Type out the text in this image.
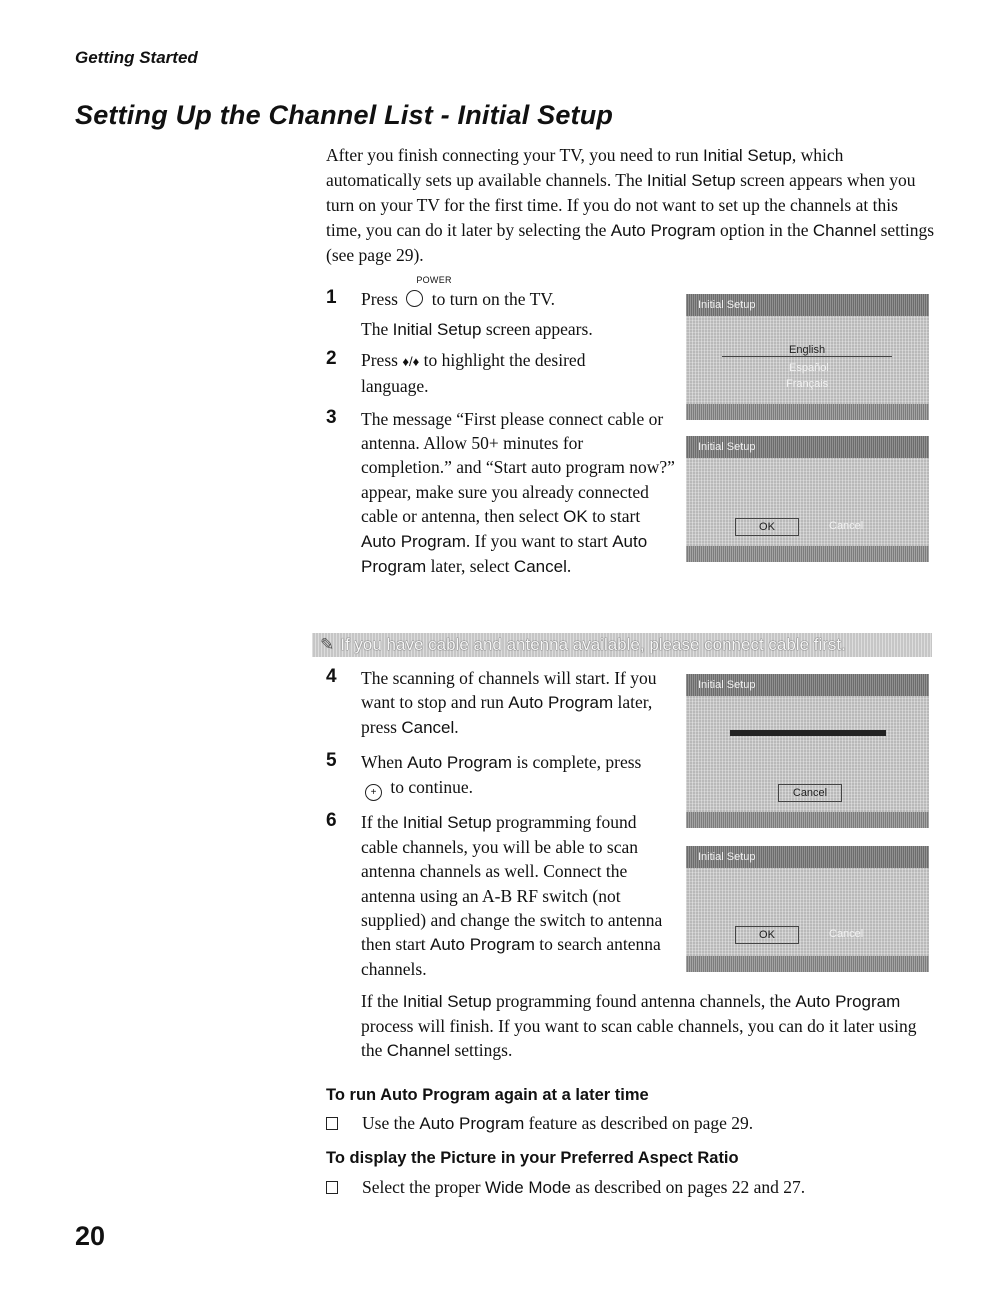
Getting Started
Setting Up the Channel List - Initial Setup

After you finish connecting your TV, you need to run Initial Setup, which automatically sets up available channels. The Initial Setup screen appears when you turn on your TV for the first time. If you do not want to set up the channels at this time, you can do it later by selecting the Auto Program option in the Channel settings (see page 29).

1 Press
POWER
to turn on the TV.

The Initial Setup screen appears.
2 Press ♦/♦ to highlight the desired language.
3 The message “First please connect cable or antenna. Allow 50+ minutes for completion.” and “Start auto program now?” appear, make sure you already connected cable or antenna, then select OK to start Auto Program. If you want to start Auto Program later, select Cancel.
Initial Setup
English
Español
Français
Initial Setup
OK	Cancel
✎ If you have cable and antenna available, please connect cable first.
4 The scanning of channels will start. If you want to stop and run Auto Program later, press Cancel.
5 When Auto Program is complete, press + to continue.
6 If the Initial Setup programming found cable channels, you will be able to scan antenna channels as well. Connect the antenna using an A-B RF switch (not supplied) and change the switch to antenna then start Auto Program to search antenna channels.
Initial Setup
Cancel
Initial Setup
OK	Cancel
If the Initial Setup programming found antenna channels, the Auto Program process will finish. If you want to scan cable channels, you can do it later using the Channel settings.
To run Auto Program again at a later time
Use the Auto Program feature as described on page 29.
To display the Picture in your Preferred Aspect Ratio
Select the proper Wide Mode as described on pages 22 and 27.
20
